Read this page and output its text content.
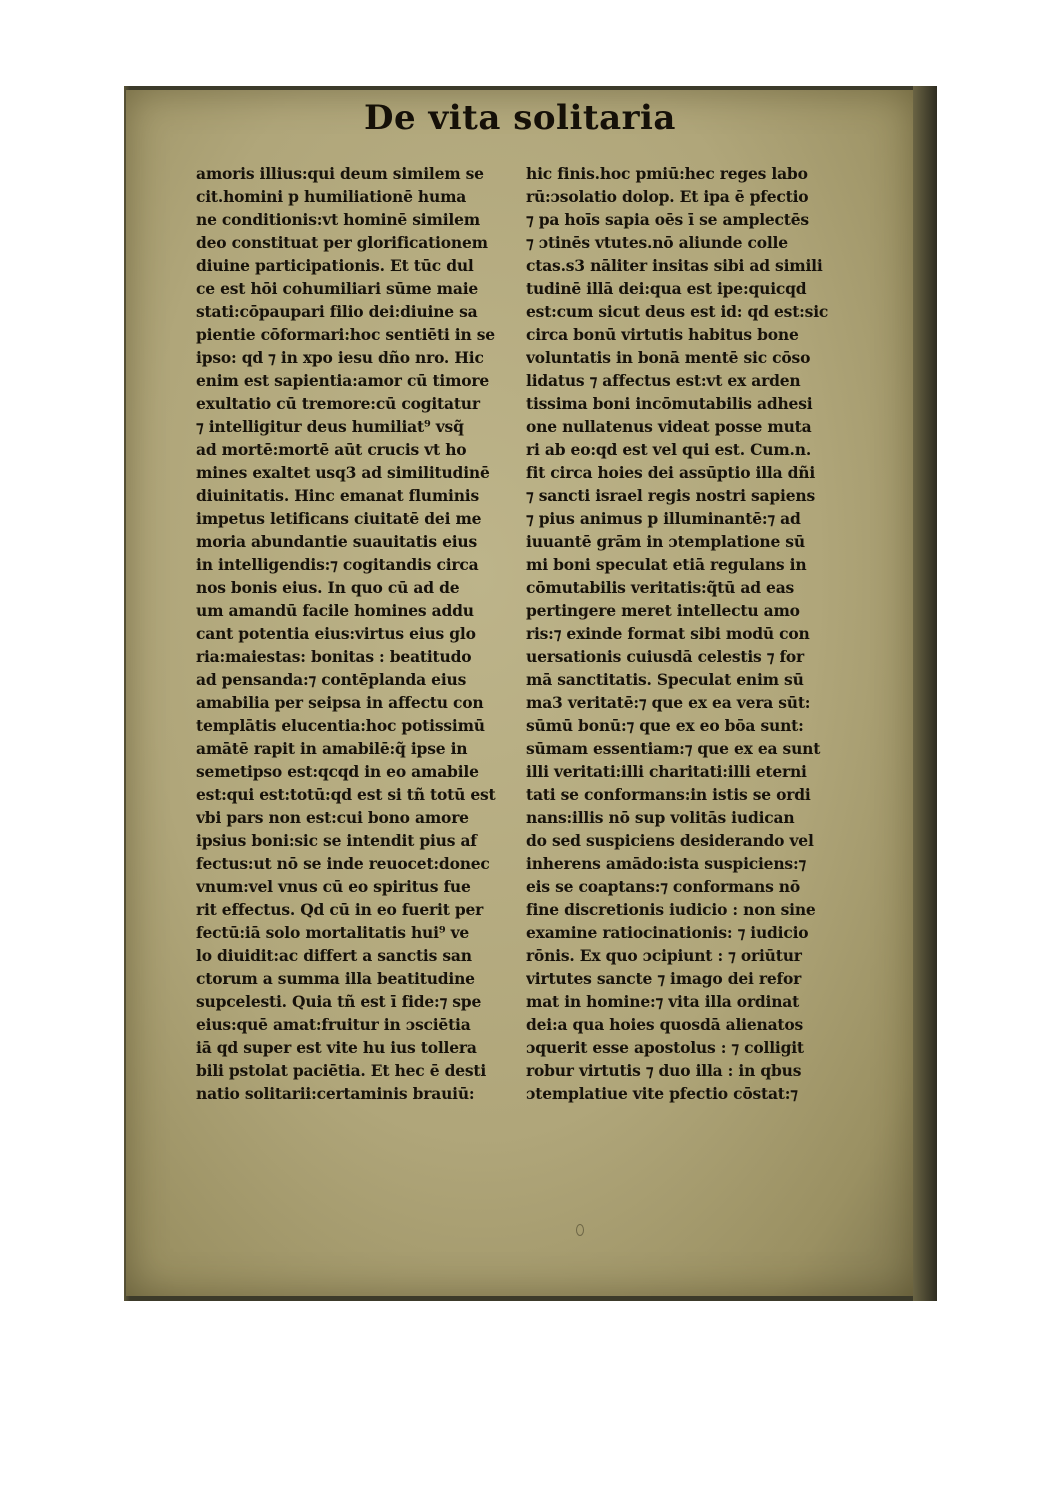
De vita solitaria
amoris illius:qui deum similem se
cit.homini p humiliationē huma
ne conditionis:vt hominē similem
deo constituat per glorificationem
diuine participationis. Et tūc dul
ce est hōi cohumiliari sūme maie
stati:cōpaupari filio dei:diuine sa
pientie cōformari:hoc sentiēti in se
ipso: qd ⁊ in xpo iesu dño nro. Hic
enim est sapientia:amor cū timore
exultatio cū tremore:cū cogitatur
⁊ intelligitur deus humiliat⁹ vsq̃
ad mortē:mortē aūt crucis vt ho
mines exaltet usq3 ad similitudinē
diuinitatis. Hinc emanat fluminis
impetus letificans ciuitatē dei me
moria abundantie suauitatis eius
in intelligendis:⁊ cogitandis circa
nos bonis eius. In quo cū ad de
um amandū facile homines addu
cant potentia eius:virtus eius glo
ria:maiestas: bonitas : beatitudo
ad pensanda:⁊ contēplanda eius
amabilia per seipsa in affectu con
templātis elucentia:hoc potissimū
amātē rapit in amabilē:q̃ ipse in
semetipso est:qcqd in eo amabile
est:qui est:totū:qd est si tñ totū est
vbi pars non est:cui bono amore
ipsius boni:sic se intendit pius af
fectus:ut nō se inde reuocet:donec
vnum:vel vnus cū eo spiritus fue
rit effectus. Qd cū in eo fuerit per
fectū:iā solo mortalitatis hui⁹ ve
lo diuidit:ac differt a sanctis san
ctorum a summa illa beatitudine
supcelesti. Quia tñ est ī fide:⁊ spe
eius:quē amat:fruitur in ɔsciētia
iā qd super est vite hu ius tollera
bili pstolat paciētia. Et hec ē desti
natio solitarii:certaminis brauiū:
hic finis.hoc pmiū:hec reges labo
rū:ɔsolatio dolop. Et ipa ē pfectio
⁊ pa hoīs sapia oēs ī se amplectēs
⁊ ɔtinēs vtutes.nō aliunde colle
ctas.s3 nāliter insitas sibi ad simili
tudinē illā dei:qua est ipe:quicqd
est:cum sicut deus est id: qd est:sic
circa bonū virtutis habitus bone
voluntatis in bonā mentē sic cōso
lidatus ⁊ affectus est:vt ex arden
tissima boni incōmutabilis adhesi
one nullatenus videat posse muta
ri ab eo:qd est vel qui est. Cum.n.
fit circa hoies dei assūptio illa dñi
⁊ sancti israel regis nostri sapiens
⁊ pius animus p illuminantē:⁊ ad
iuuantē grām in ɔtemplatione sū
mi boni speculat etiā regulans in
cōmutabilis veritatis:q̃tū ad eas
pertingere meret intellectu amo
ris:⁊ exinde format sibi modū con
uersationis cuiusdā celestis ⁊ for
mā sanctitatis. Speculat enim sū
ma3 veritatē:⁊ que ex ea vera sūt:
sūmū bonū:⁊ que ex eo bōa sunt:
sūmam essentiam:⁊ que ex ea sunt
illi veritati:illi charitati:illi eterni
tati se conformans:in istis se ordi
nans:illis nō sup volitās iudican
do sed suspiciens desiderando vel
inherens amādo:ista suspiciens:⁊
eis se coaptans:⁊ conformans nō
fine discretionis iudicio : non sine
examine ratiocinationis: ⁊ iudicio
rōnis. Ex quo ɔcipiunt : ⁊ oriūtur
virtutes sancte ⁊ imago dei refor
mat in homine:⁊ vita illa ordinat
dei:a qua hoies quosdā alienatos
ɔquerit esse apostolus : ⁊ colligit
robur virtutis ⁊ duo illa : in qbus
ɔtemplatiue vite pfectio cōstat:⁊
